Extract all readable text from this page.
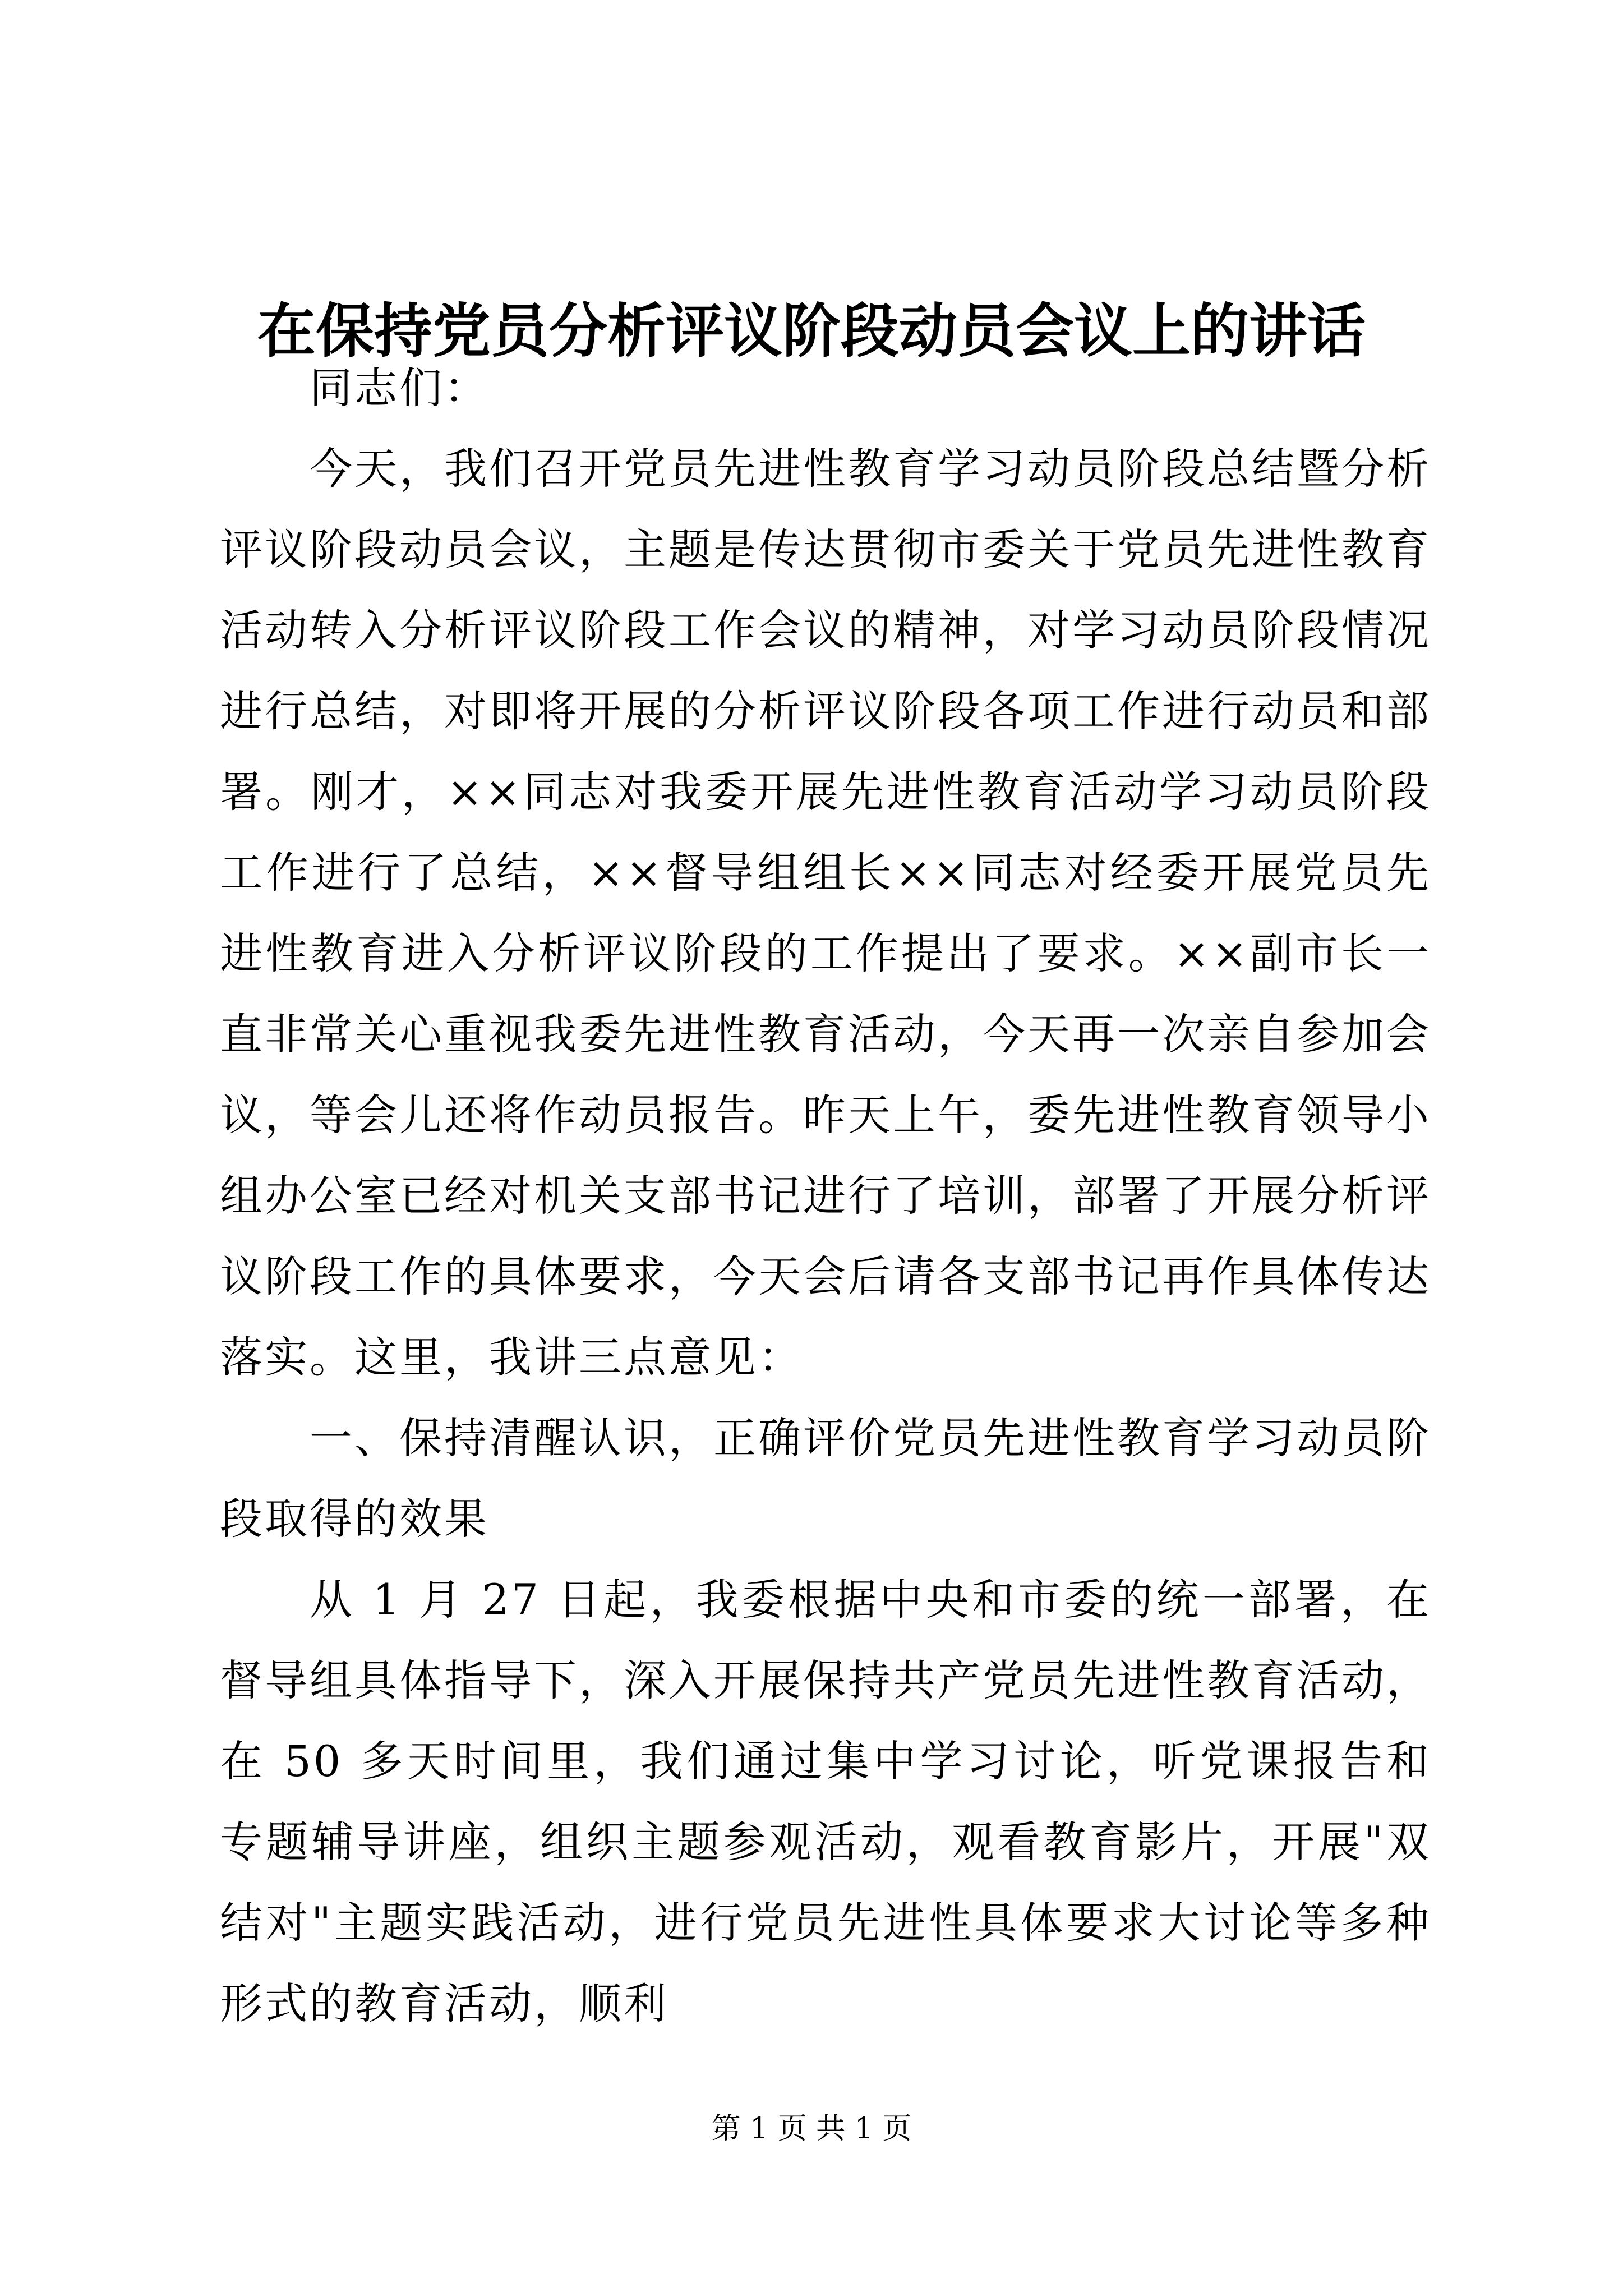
在保持党员分析评议阶段动员会议上的讲话

同志们：

今天，我们召开党员先进性教育学习动员阶段总结暨分析评议阶段动员会议，主题是传达贯彻市委关于党员先进性教育活动转入分析评议阶段工作会议的精神，对学习动员阶段情况进行总结，对即将开展的分析评议阶段各项工作进行动员和部署。刚才，××同志对我委开展先进性教育活动学习动员阶段工作进行了总结，××督导组组长××同志对经委开展党员先进性教育进入分析评议阶段的工作提出了要求。××副市长一直非常关心重视我委先进性教育活动，今天再一次亲自参加会议，等会儿还将作动员报告。昨天上午，委先进性教育领导小组办公室已经对机关支部书记进行了培训，部署了开展分析评议阶段工作的具体要求，今天会后请各支部书记再作具体传达落实。这里，我讲三点意见：

一、保持清醒认识，正确评价党员先进性教育学习动员阶段取得的效果

从 1 月 27 日起，我委根据中央和市委的统一部署，在督导组具体指导下，深入开展保持共产党员先进性教育活动，在 50 多天时间里，我们通过集中学习讨论，听党课报告和专题辅导讲座，组织主题参观活动，观看教育影片，开展"双结对"主题实践活动，进行党员先进性具体要求大讨论等多种形式的教育活动，顺利

第 1 页 共 1 页
